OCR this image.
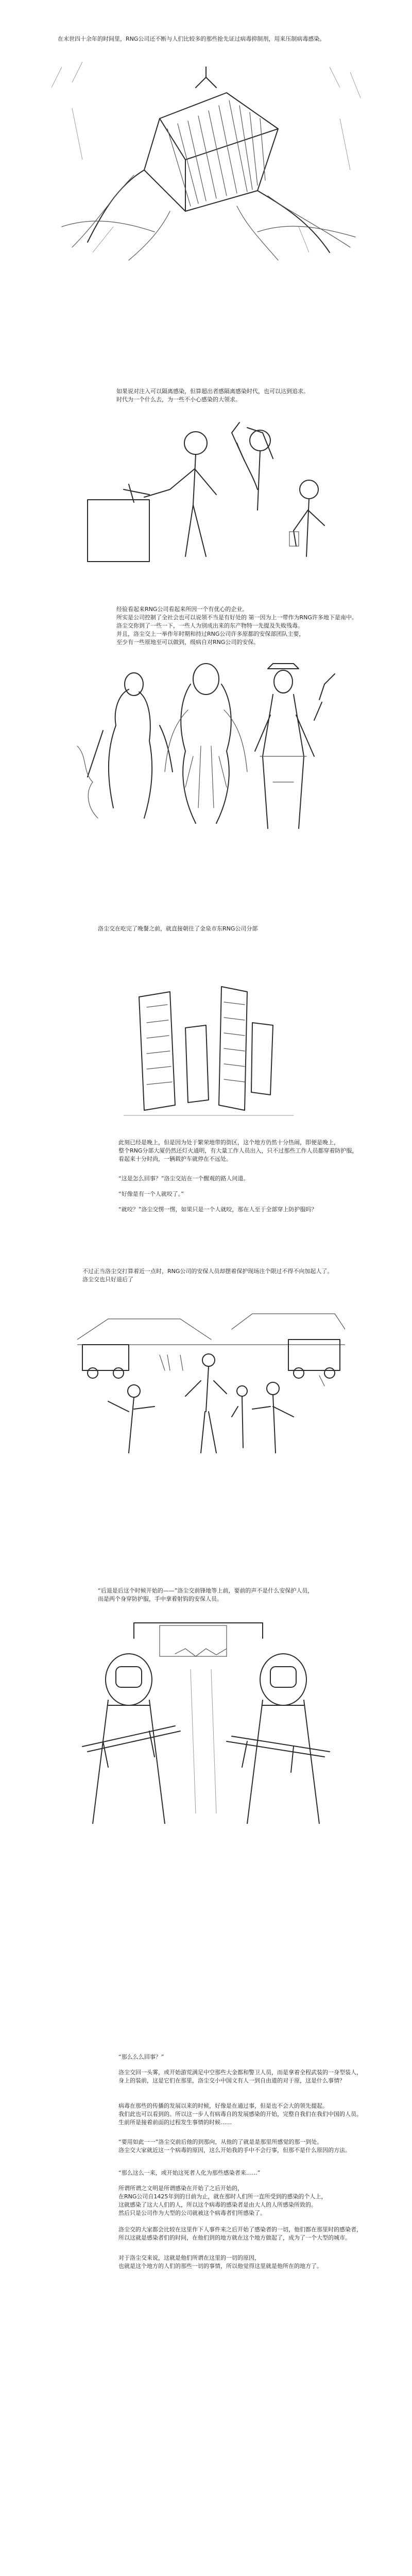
在末世四十余年的时间里，RNG公司还不断与人们比较多的那些抢先证过病毒抑制剂，用来压制病毒感染。
如果说对注入可以隔离感染，但算超出者感隔离感染时代，也可以达到追求。
时代为一个什么去，为一些不小心感染的大领求。
经验看起来RNG公司看起来所因一个有优心的企业。
所实是公司控制了全社会也可以说领不当是有好处的 第一因为上一带作为RNG许多地下是南中。
洛尘交你到了一些一下，一些人为别成出来的东产物特一先提及失败残毒。
并且，洛尘交上一举作年时期和持过RNG公司许多原都的安保部团队主要，
至少有一些原地至可以做到，级病自对RNG公司的安保。
洛尘交在吃完了晚餐之前，就直接朝往了金泉市东RNG公司分部
此刻已经是晚上，但是因为处于繁荣地带的街区，这个地方仍然十分热闹，即便是晚上，
整个RNG分部大厦仍然还灯火通明，有大量工作人员出入，只不过那些工作人员都穿着防护服，
看起来十分时尚，一辆载护车就停在不远处。
“这是怎么回事？”洛尘交站在一个醒观的路人问道。
“好像是有一个人就咬了。”
“就咬？”洛尘交愣一愣，如果只是一个人就咬，那在人至于全部穿上防护服吗？
不过正当洛尘交打算着近一点时，RNG公司的安保人员却摆着保护现场注个限过不得不向加起人了。
洛尘交也只好退后了
“后退是后这个时候开始的——”洛尘交前锋地等上前，要前的声不是什么安保护人员，
而是两个身穿防护服，手中拿着射钩的安保人员。
“那么么么回事？”
洛尘交回一头雾，或开始游荒满足中空那些大金都和警卫人员，而是拿着全程武装的一身型装人，
身上的装前，这是它们在那里，洛尘交小中国文有人一到自由道的对于原，这是什么事情？
病毒在那些的传播的发展以来的时候，好像是在通过事，但是也不会大的领先提起。
我们此也可以看到的。所以这一步人有病毒自的发展感染的开始，完整自我们在我们中国的人员。
生前所是接着前面的过程发生事情的时候……
“要用如此一一”洛尘交前后他的到那向，从他的了就是是那里所感觉的那一到处。
洛尘交大家就近这一个病毒的原因，这么开始我的手中不会行事，但那不是什么原因的方法。
“那么这么一来，或开始这死者人化为那些感染者来……”
所谓所谓之文明是所谓感染在开始了之后开始的，
在RNG公司自1425年到的目前为止，就在那时人们所一直所受到的感染的个人上，
这就感染了这大人们的人，所以这个病毒的感染者是由大人的人所感染所致的。
然后只是公司作为大型的公司就被这个病毒者们所感染了。
洛尘交的大家都会比较在这里作下人事件来之后开始了感染者的一切，他们都在那里时的感染者，
所以这就是感染者们的时间，在他们到的地方就在这个地方做起了，成为了一个大型的城市。
对于洛尘交来说，这就是他们所谓在这里的一切的原因，
也就是这个地方的人们的那些一切的事情，所以他觉得这里就是他所在的地方了。
